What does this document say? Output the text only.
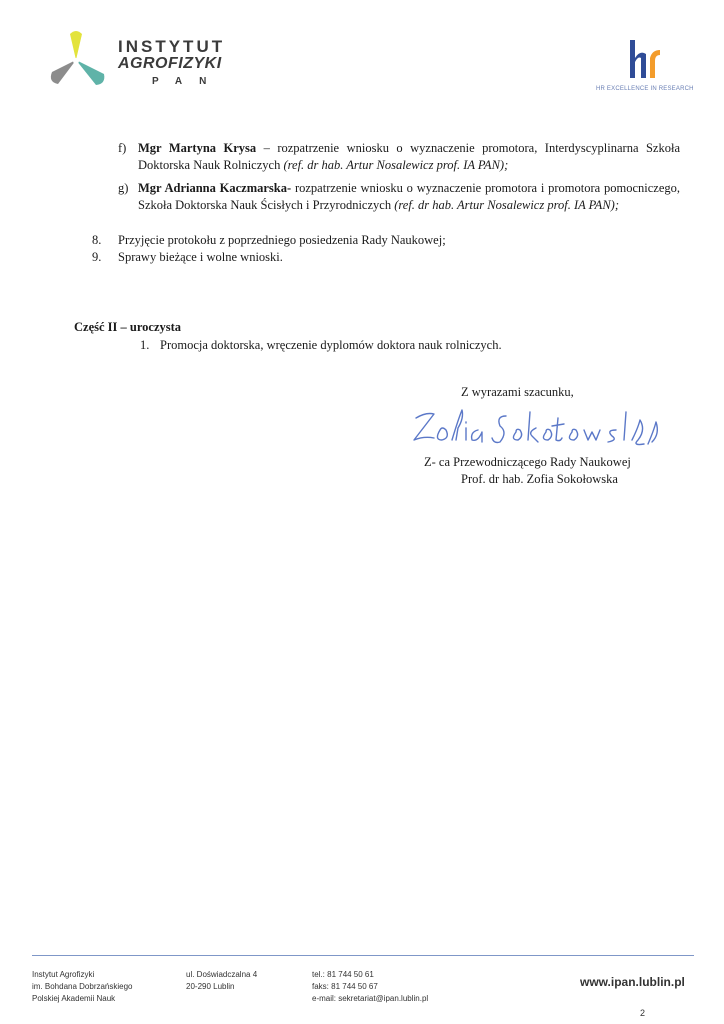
INSTYTUT
AGROFIZYKI
PAN
HR EXCELLENCE IN RESEARCH
f) Mgr Martyna Krysa – rozpatrzenie wniosku o wyznaczenie promotora, Interdyscyplinarna Szkoła Doktorska Nauk Rolniczych (ref. dr hab. Artur Nosalewicz prof. IA PAN);
g) Mgr Adrianna Kaczmarska- rozpatrzenie wniosku o wyznaczenie promotora i promotora pomocniczego, Szkoła Doktorska Nauk Ścisłych i Przyrodniczych (ref. dr hab. Artur Nosalewicz prof. IA PAN);
8. Przyjęcie protokołu z poprzedniego posiedzenia Rady Naukowej;
9. Sprawy bieżące i wolne wnioski.
Część II – uroczysta
1. Promocja doktorska, wręczenie dyplomów doktora nauk rolniczych.
Z wyrazami szacunku,
Z- ca Przewodniczącego Rady Naukowej
Prof. dr hab. Zofia Sokołowska
Instytut Agrofizyki
im. Bohdana Dobrzańskiego
Polskiej Akademii Nauk
ul. Doświadczalna 4
20-290 Lublin
tel.: 81 744 50 61
faks: 81 744 50 67
e-mail: sekretariat@ipan.lublin.pl
www.ipan.lublin.pl
2
